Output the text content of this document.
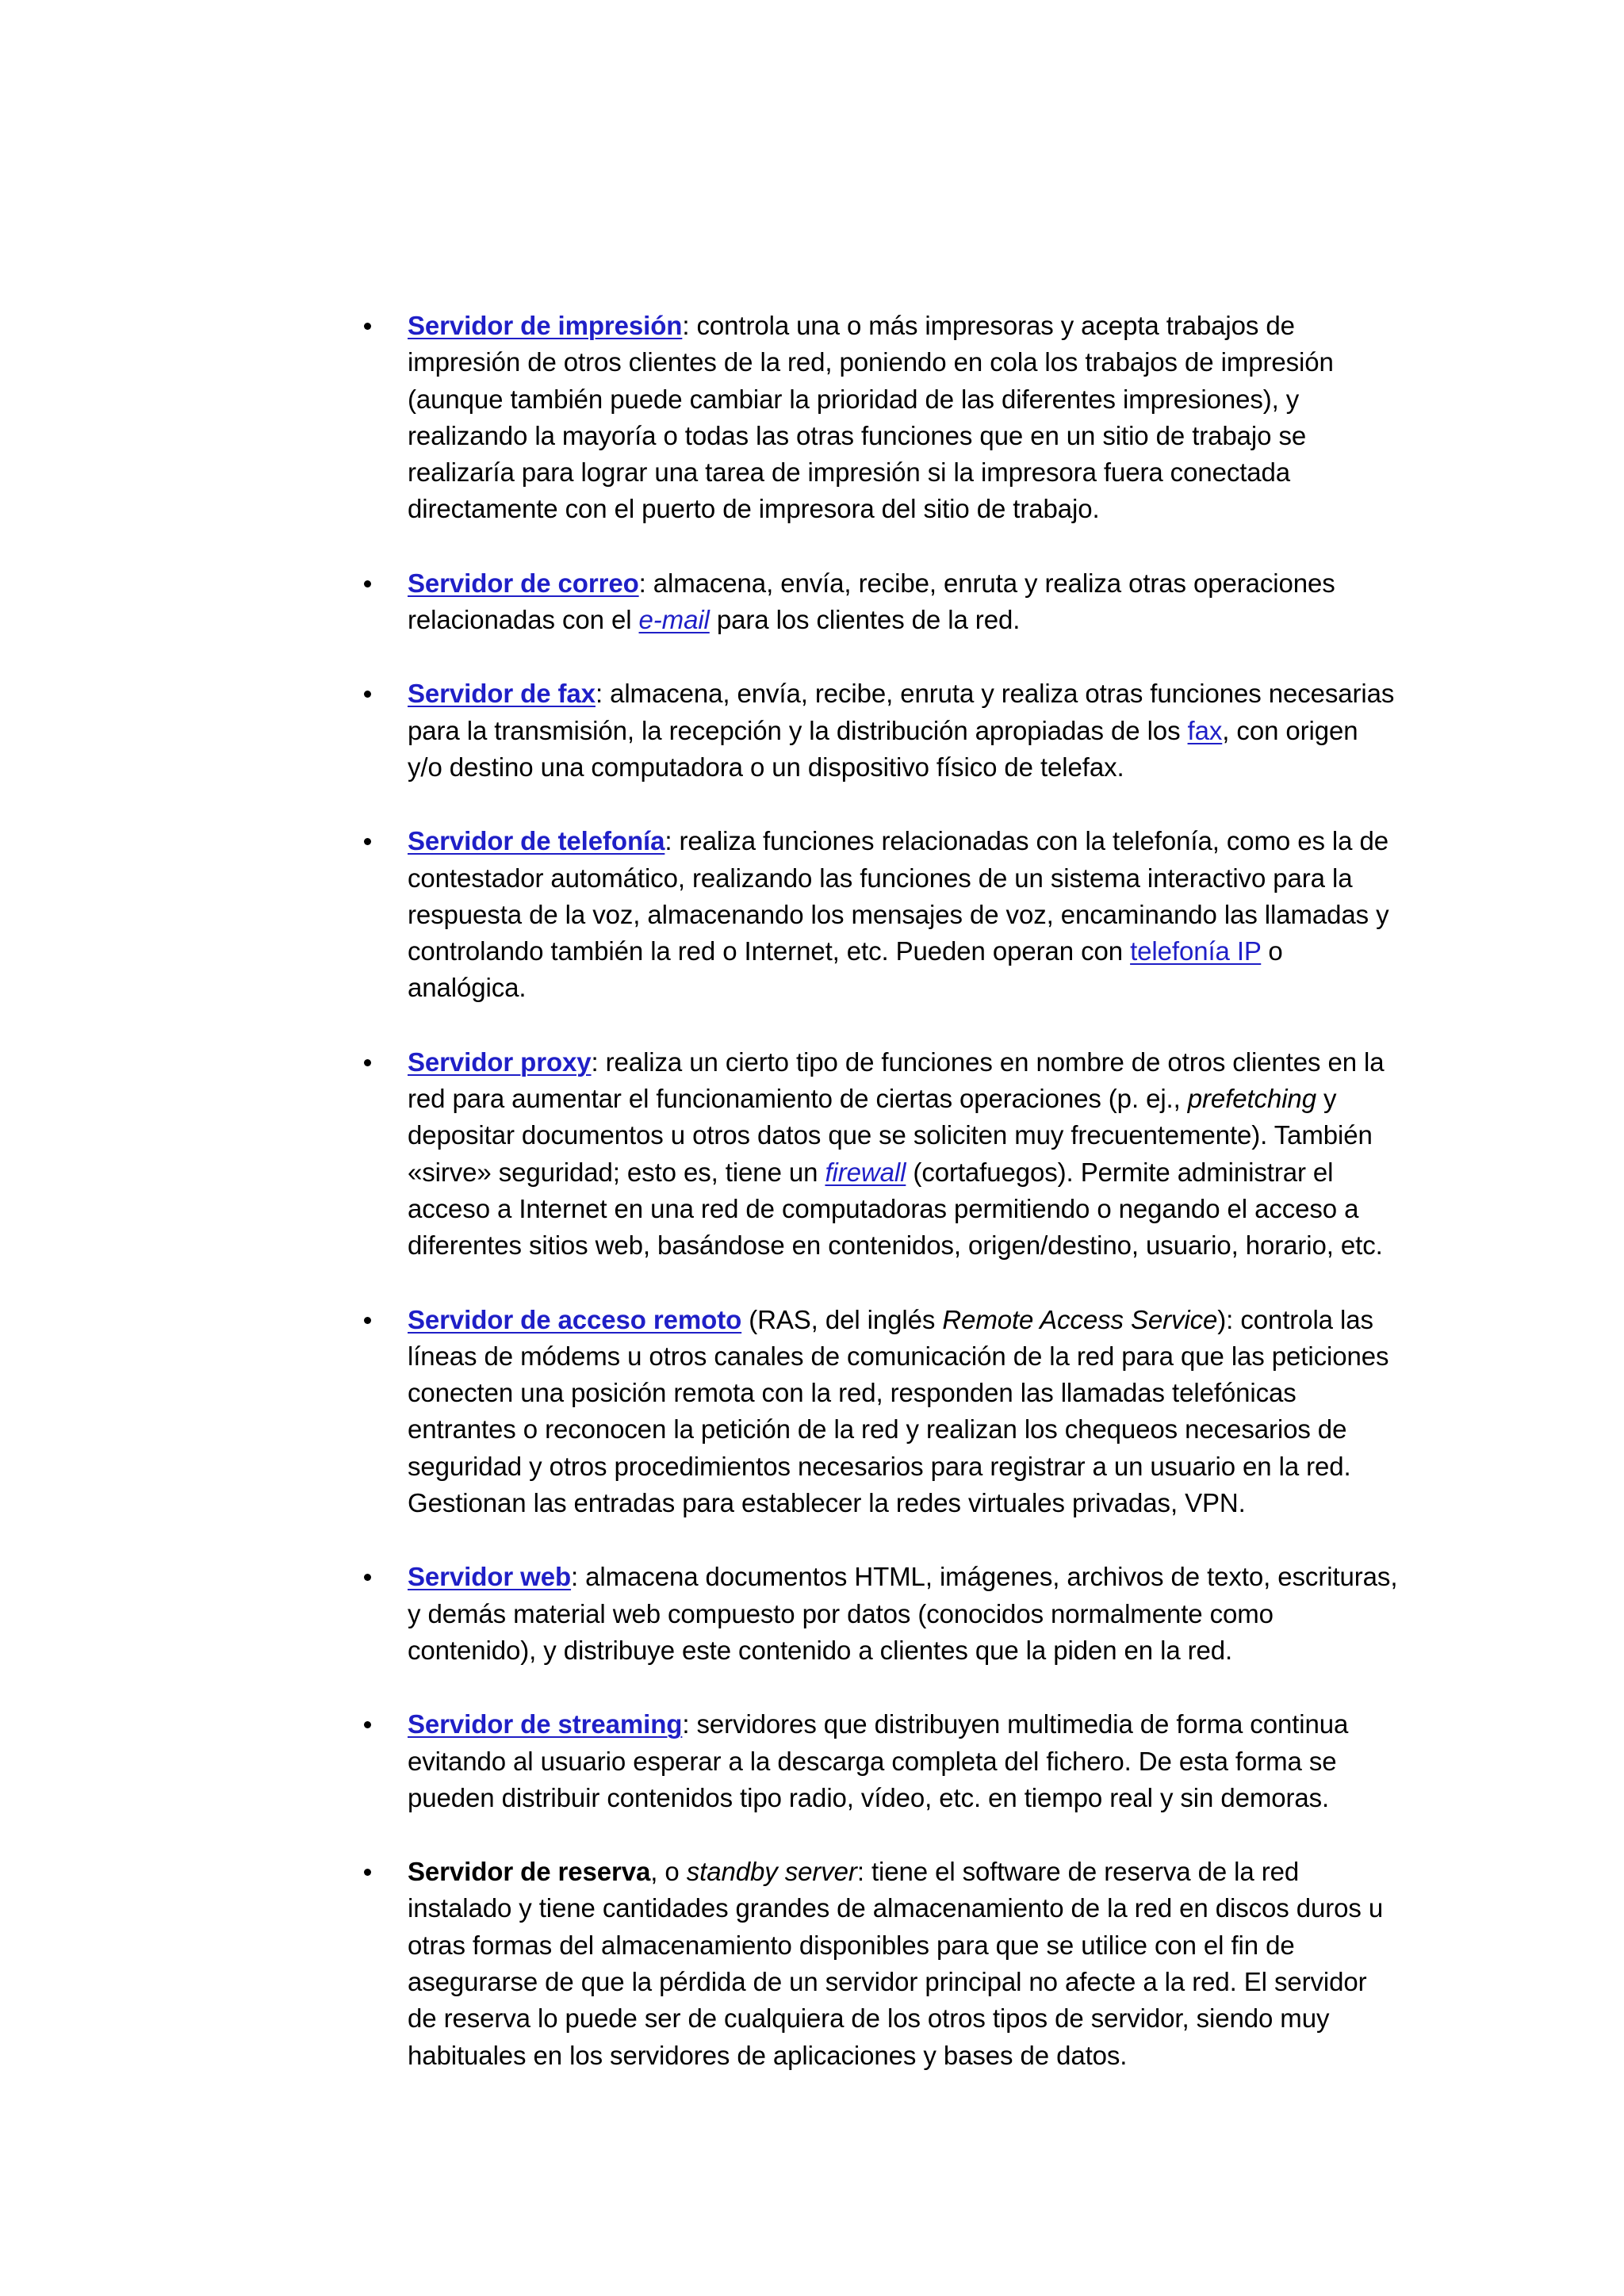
Servidor de impresión: controla una o más impresoras y acepta trabajos de impresión de otros clientes de la red, poniendo en cola los trabajos de impresión (aunque también puede cambiar la prioridad de las diferentes impresiones), y realizando la mayoría o todas las otras funciones que en un sitio de trabajo se realizaría para lograr una tarea de impresión si la impresora fuera conectada directamente con el puerto de impresora del sitio de trabajo.
Servidor de correo: almacena, envía, recibe, enruta y realiza otras operaciones relacionadas con el e-mail para los clientes de la red.
Servidor de fax: almacena, envía, recibe, enruta y realiza otras funciones necesarias para la transmisión, la recepción y la distribución apropiadas de los fax, con origen y/o destino una computadora o un dispositivo físico de telefax.
Servidor de telefonía: realiza funciones relacionadas con la telefonía, como es la de contestador automático, realizando las funciones de un sistema interactivo para la respuesta de la voz, almacenando los mensajes de voz, encaminando las llamadas y controlando también la red o Internet, etc. Pueden operan con telefonía IP o analógica.
Servidor proxy: realiza un cierto tipo de funciones en nombre de otros clientes en la red para aumentar el funcionamiento de ciertas operaciones (p. ej., prefetching y depositar documentos u otros datos que se soliciten muy frecuentemente). También «sirve» seguridad; esto es, tiene un firewall (cortafuegos). Permite administrar el acceso a Internet en una red de computadoras permitiendo o negando el acceso a diferentes sitios web, basándose en contenidos, origen/destino, usuario, horario, etc.
Servidor de acceso remoto (RAS, del inglés Remote Access Service): controla las líneas de módems u otros canales de comunicación de la red para que las peticiones conecten una posición remota con la red, responden las llamadas telefónicas entrantes o reconocen la petición de la red y realizan los chequeos necesarios de seguridad y otros procedimientos necesarios para registrar a un usuario en la red. Gestionan las entradas para establecer la redes virtuales privadas, VPN.
Servidor web: almacena documentos HTML, imágenes, archivos de texto, escrituras, y demás material web compuesto por datos (conocidos normalmente como contenido), y distribuye este contenido a clientes que la piden en la red.
Servidor de streaming: servidores que distribuyen multimedia de forma continua evitando al usuario esperar a la descarga completa del fichero. De esta forma se pueden distribuir contenidos tipo radio, vídeo, etc. en tiempo real y sin demoras.
Servidor de reserva, o standby server: tiene el software de reserva de la red instalado y tiene cantidades grandes de almacenamiento de la red en discos duros u otras formas del almacenamiento disponibles para que se utilice con el fin de asegurarse de que la pérdida de un servidor principal no afecte a la red. El servidor de reserva lo puede ser de cualquiera de los otros tipos de servidor, siendo muy habituales en los servidores de aplicaciones y bases de datos.
